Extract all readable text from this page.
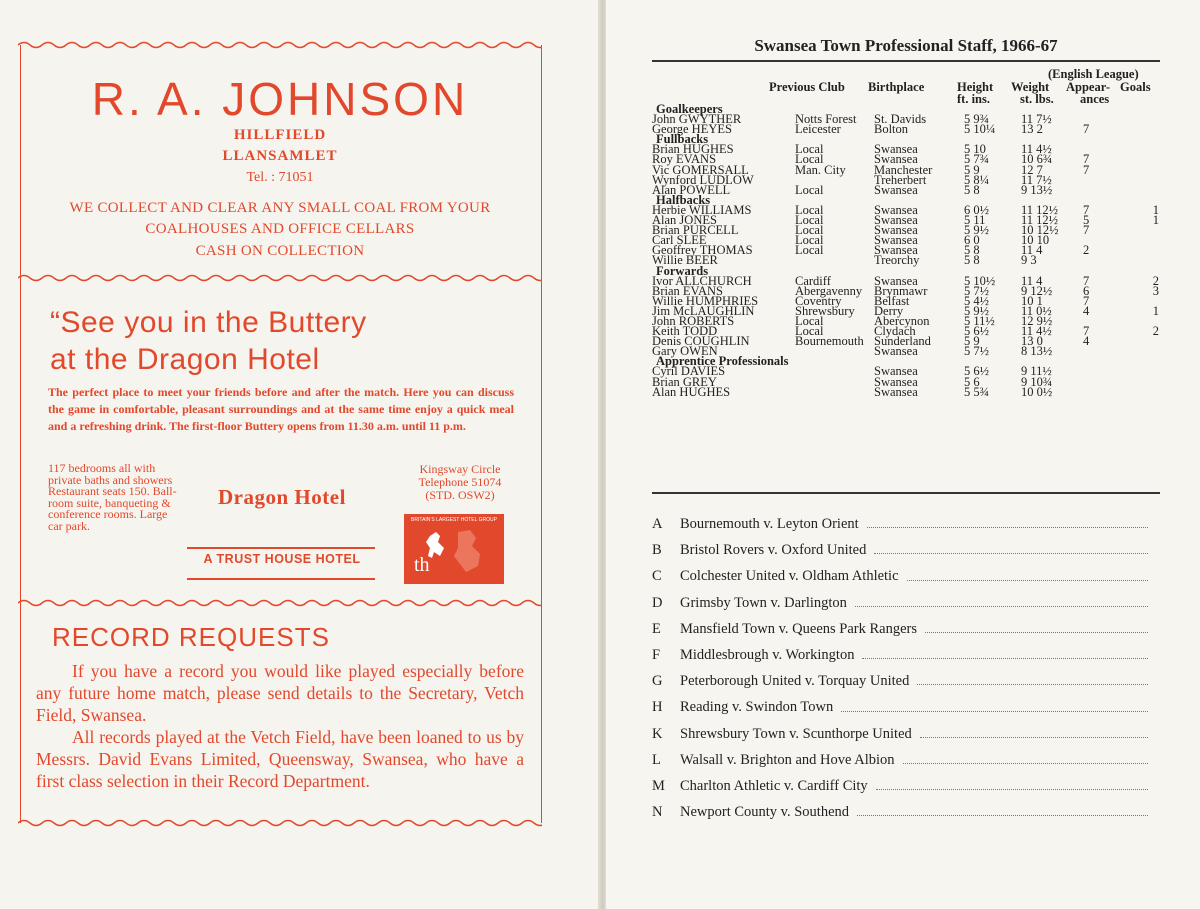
R. A. JOHNSON
HILLFIELD
LLANSAMLET
Tel. : 71051
WE COLLECT AND CLEAR ANY SMALL COAL FROM YOUR
COALHOUSES AND OFFICE CELLARS
CASH ON COLLECTION
“See you in the Buttery
at the Dragon Hotel
The perfect place to meet your friends before and after the match. Here you can discuss the game in comfortable, pleasant surroundings and at the same time enjoy a quick meal and a refreshing drink. The first-floor Buttery opens from 11.30 a.m. until 11 p.m.
117 bedrooms all with
private baths and showers
Restaurant seats 150. Ball-
room suite, banqueting &
conference rooms. Large
car park.
Dragon Hotel
Kingsway Circle
Telephone 51074
(STD. OSW2)
BRITAIN'S LARGEST HOTEL GROUP
th
A TRUST HOUSE HOTEL
RECORD REQUESTS
If you have a record you would like played especially before any future home match, please send details to the Secretary, Vetch Field, Swansea.
All records played at the Vetch Field, have been loaned to us by Messrs. David Evans Limited, Queensway, Swansea, who have a first class selection in their Record Department.
Swansea Town Professional Staff, 1966-67
(English League)
Previous Club Birthplace	Height Weight Appear- Goals
ft. ins. st. lbs. ances
Goalkeepers						
John GWYTHER	Notts Forest	St. Davids	5 9¾	11 7½		
George HEYES	Leicester	Bolton	5 10¼	13 2	7	
Fullbacks						
Brian HUGHES	Local	Swansea	5 10	11 4½		
Roy EVANS	Local	Swansea	5 7¾	10 6¾	7	
Vic GOMERSALL	Man. City	Manchester	5 9	12 7	7	
Wynford LUDLOW		Treherbert	5 8¼	11 7½		
Alan POWELL	Local	Swansea	5 8	9 13½		
Halfbacks						
Herbie WILLIAMS	Local	Swansea	6 0½	11 12½	7	1
Alan JONES	Local	Swansea	5 11	11 12½	5	1
Brian PURCELL	Local	Swansea	5 9½	10 12½	7	
Carl SLEE	Local	Swansea	6 0	10 10		
Geoffrey THOMAS	Local	Swansea	5 8	11 4	2	
Willie BEER		Treorchy	5 8	9 3		
Forwards						
Ivor ALLCHURCH	Cardiff	Swansea	5 10½	11 4	7	2
Brian EVANS	Abergavenny	Brynmawr	5 7½	9 12½	6	3
Willie HUMPHRIES	Coventry	Belfast	5 4½	10 1	7	
Jim McLAUGHLIN	Shrewsbury	Derry	5 9½	11 0½	4	1
John ROBERTS	Local	Abercynon	5 11½	12 9½		
Keith TODD	Local	Clydach	5 6½	11 4½	7	2
Denis COUGHLIN	Bournemouth	Sunderland	5 9	13 0	4	
Gary OWEN		Swansea	5 7½	8 13½		
Apprentice Professionals						
Cyril DAVIES		Swansea	5 6½	9 11½		
Brian GREY		Swansea	5 6	9 10¾		
Alan HUGHES		Swansea	5 5¾	10 0½		
A	Bournemouth v. Leyton Orient
B	Bristol Rovers v. Oxford United
C	Colchester United v. Oldham Athletic
D	Grimsby Town v. Darlington
E	Mansfield Town v. Queens Park Rangers
F	Middlesbrough v. Workington
G	Peterborough United v. Torquay United
H	Reading v. Swindon Town
K	Shrewsbury Town v. Scunthorpe United
L	Walsall v. Brighton and Hove Albion
M	Charlton Athletic v. Cardiff City
N	Newport County v. Southend
